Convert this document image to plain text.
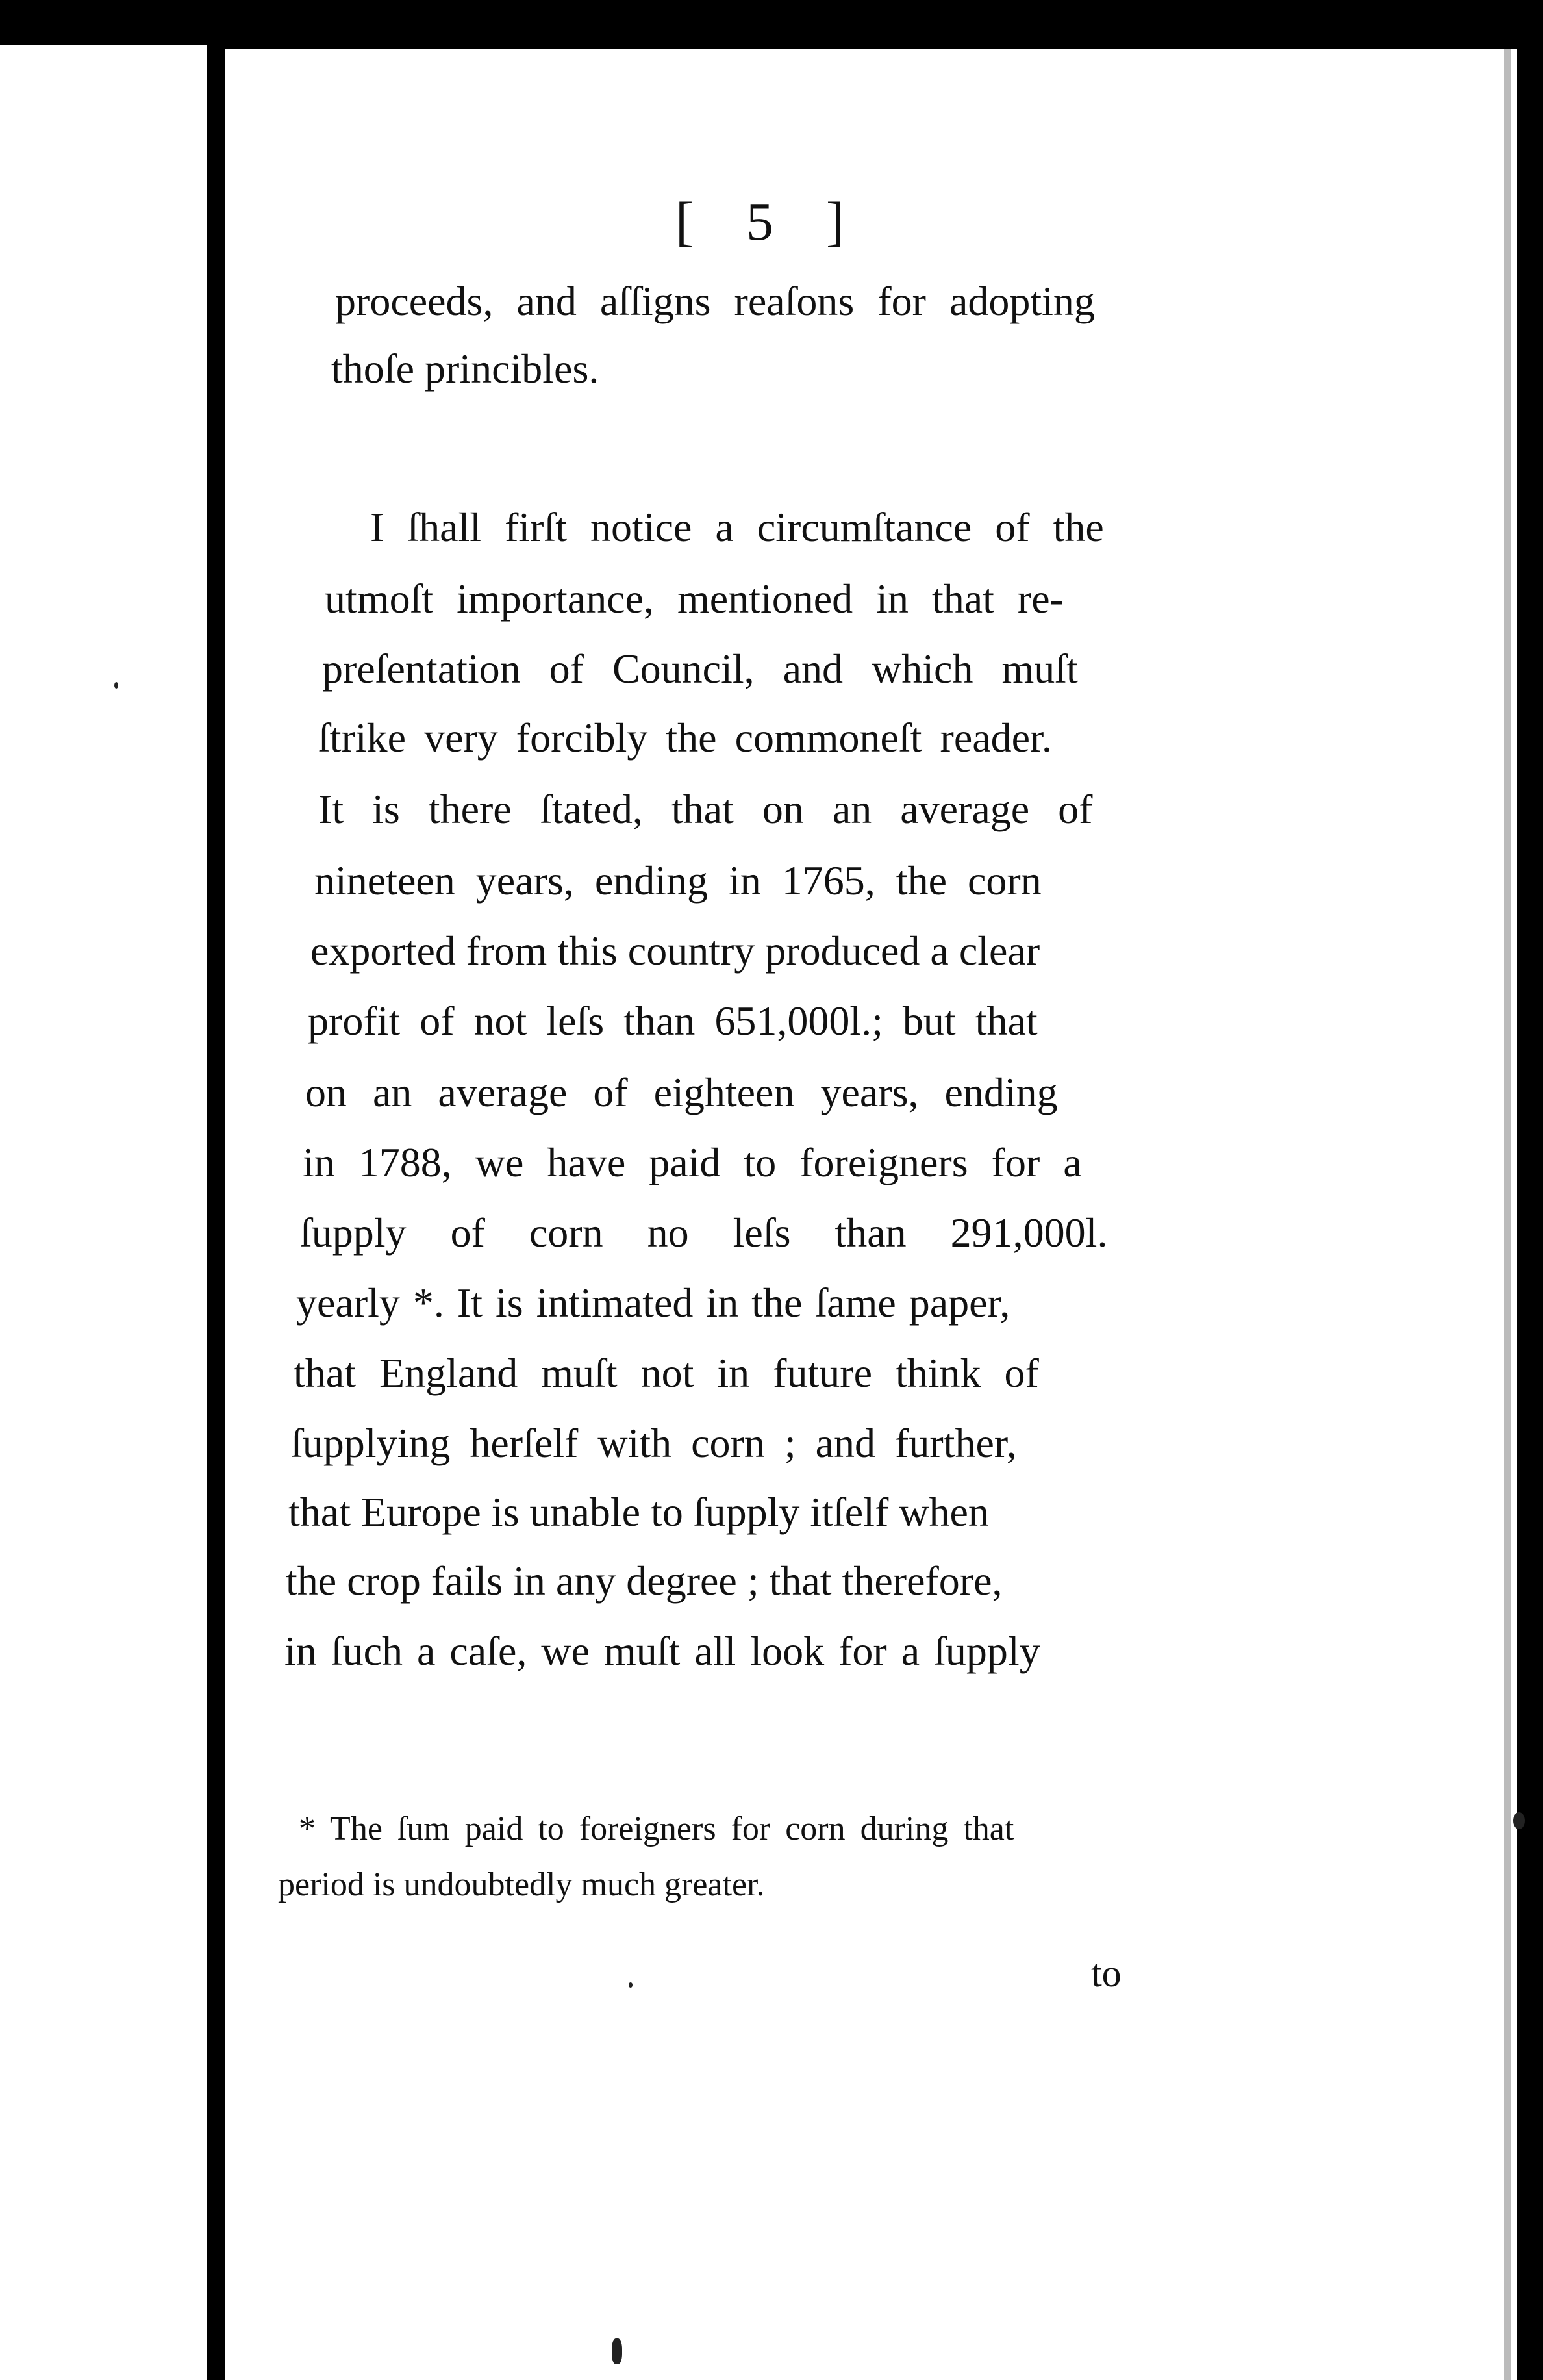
[ 5 ]
proceeds, and aſſigns reaſons for adopting
thoſe princibles.
I ſhall firſt notice a circumſtance of the
utmoſt importance, mentioned in that re-
preſentation of Council, and which muſt
ſtrike very forcibly the commoneſt reader.
It is there ſtated, that on an average of
nineteen years, ending in 1765, the corn
exported from this country produced a clear
profit of not leſs than 651,000l.; but that
on an average of eighteen years, ending
in 1788, we have paid to foreigners for a
ſupply of corn no leſs than 291,000l.
yearly *. It is intimated in the ſame paper,
that England muſt not in future think of
ſupplying herſelf with corn ; and further,
that Europe is unable to ſupply itſelf when
the crop fails in any degree ; that therefore,
in ſuch a caſe, we muſt all look for a ſupply
* The ſum paid to foreigners for corn during that
period is undoubtedly much greater.
to
